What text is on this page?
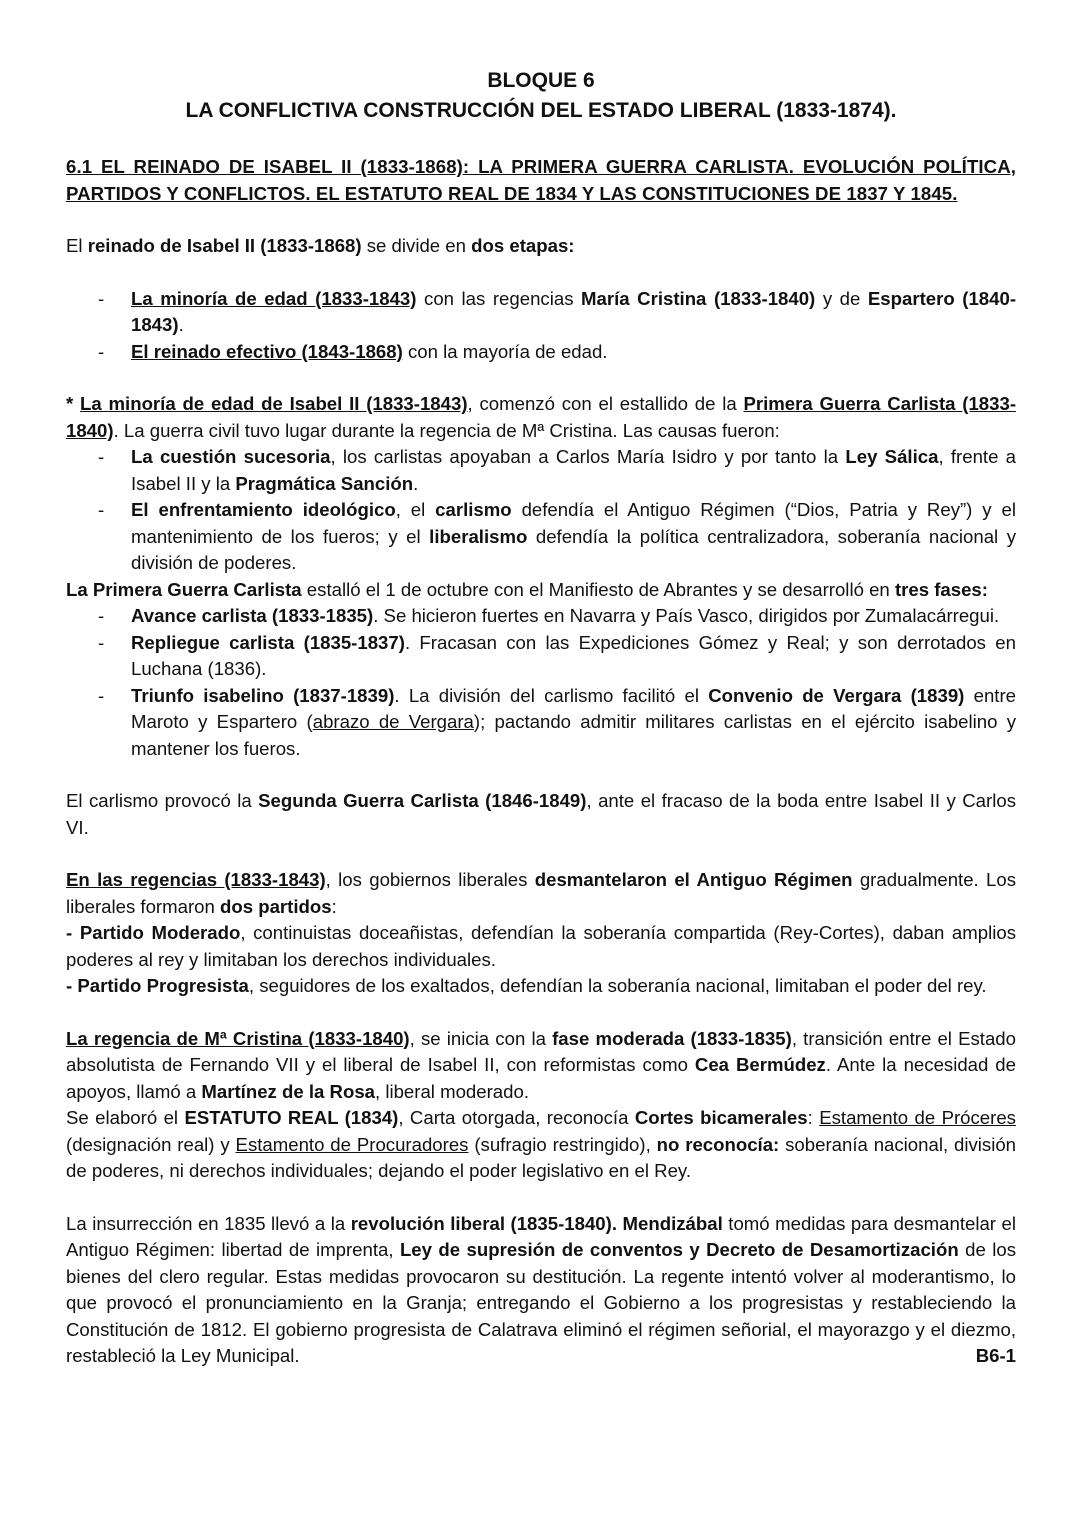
BLOQUE 6

LA CONFLICTIVA CONSTRUCCIÓN DEL ESTADO LIBERAL (1833-1874).

6.1 EL REINADO DE ISABEL II (1833-1868): LA PRIMERA GUERRA CARLISTA. EVOLUCIÓN POLÍTICA, PARTIDOS Y CONFLICTOS. EL ESTATUTO REAL DE 1834 Y LAS CONSTITUCIONES DE 1837 Y 1845.

El reinado de Isabel II (1833-1868) se divide en dos etapas:

- La minoría de edad (1833-1843) con las regencias María Cristina (1833-1840) y de Espartero (1840-1843).
- El reinado efectivo (1843-1868) con la mayoría de edad.

* La minoría de edad de Isabel II (1833-1843), comenzó con el estallido de la Primera Guerra Carlista (1833-1840). La guerra civil tuvo lugar durante la regencia de Mª Cristina. Las causas fueron:

- La cuestión sucesoria, los carlistas apoyaban a Carlos María Isidro y por tanto la Ley Sálica, frente a Isabel II y la Pragmática Sanción.
- El enfrentamiento ideológico, el carlismo defendía el Antiguo Régimen (“Dios, Patria y Rey”) y el mantenimiento de los fueros; y el liberalismo defendía la política centralizadora, soberanía nacional y división de poderes.

La Primera Guerra Carlista estalló el 1 de octubre con el Manifiesto de Abrantes y se desarrolló en tres fases:

- Avance carlista (1833-1835). Se hicieron fuertes en Navarra y País Vasco, dirigidos por Zumalacárregui.
- Repliegue carlista (1835-1837). Fracasan con las Expediciones Gómez y Real; y son derrotados en Luchana (1836).
- Triunfo isabelino (1837-1839). La división del carlismo facilitó el Convenio de Vergara (1839) entre Maroto y Espartero (abrazo de Vergara); pactando admitir militares carlistas en el ejército isabelino y mantener los fueros.

El carlismo provocó la Segunda Guerra Carlista (1846-1849), ante el fracaso de la boda entre Isabel II y Carlos VI.

En las regencias (1833-1843), los gobiernos liberales desmantelaron el Antiguo Régimen gradualmente. Los liberales formaron dos partidos:

- Partido Moderado, continuistas doceañistas, defendían la soberanía compartida (Rey-Cortes), daban amplios poderes al rey y limitaban los derechos individuales.

- Partido Progresista, seguidores de los exaltados, defendían la soberanía nacional, limitaban el poder del rey.

La regencia de Mª Cristina (1833-1840), se inicia con la fase moderada (1833-1835), transición entre el Estado absolutista de Fernando VII y el liberal de Isabel II, con reformistas como Cea Bermúdez. Ante la necesidad de apoyos, llamó a Martínez de la Rosa, liberal moderado.

Se elaboró el ESTATUTO REAL (1834), Carta otorgada, reconocía Cortes bicamerales: Estamento de Próceres (designación real) y Estamento de Procuradores (sufragio restringido), no reconocía: soberanía nacional, división de poderes, ni derechos individuales; dejando el poder legislativo en el Rey.

La insurrección en 1835 llevó a la revolución liberal (1835-1840). Mendizábal tomó medidas para desmantelar el Antiguo Régimen: libertad de imprenta, Ley de supresión de conventos y Decreto de Desamortización de los bienes del clero regular. Estas medidas provocaron su destitución. La regente intentó volver al moderantismo, lo que provocó el pronunciamiento en la Granja; entregando el Gobierno a los progresistas y restableciendo la Constitución de 1812. El gobierno progresista de Calatrava eliminó el régimen señorial, el mayorazgo y el diezmo, restableció la Ley Municipal.	B6-1
